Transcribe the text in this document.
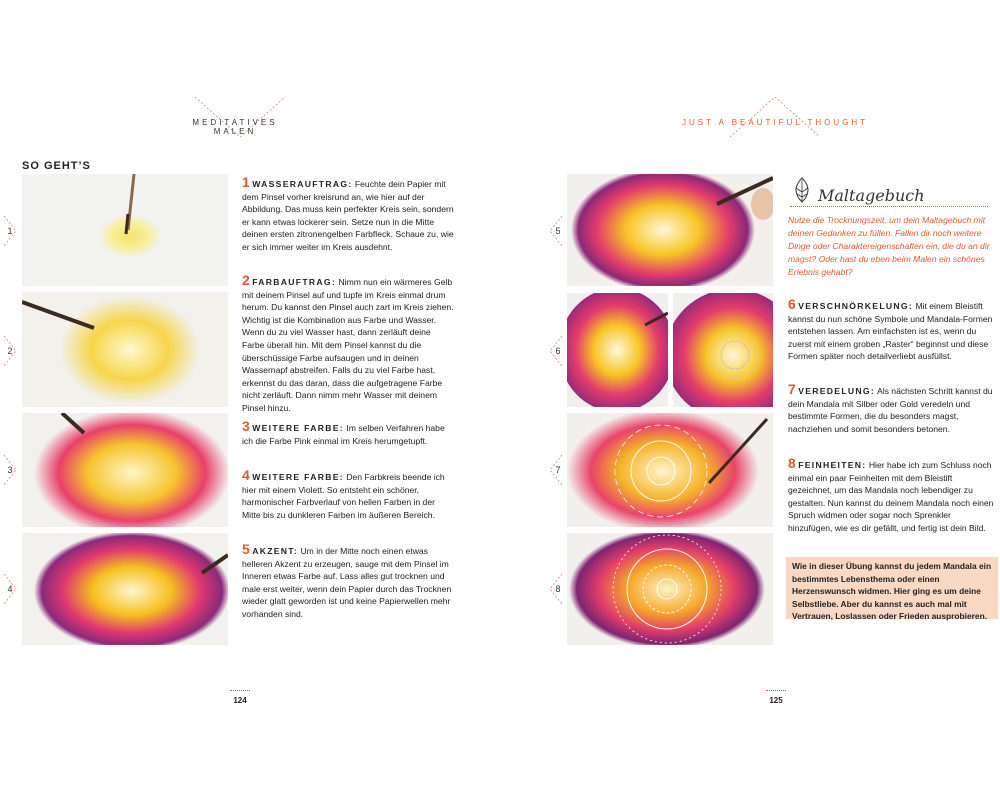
MEDITATIVES MALEN
JUST A BEAUTIFUL THOUGHT
SO GEHT’S
1
2
3
4
1 WASSERAUFTRAG: Feuchte dein Papier mit dem Pinsel vorher kreisrund an, wie hier auf der Abbildung. Das muss kein perfekter Kreis sein, sondern er kann etwas lockerer sein. Setze nun in die Mitte deinen ersten zitronengelben Farbfleck. Schaue zu, wie er sich immer weiter im Kreis ausdehnt.
2 FARBAUFTRAG: Nimm nun ein wärmeres Gelb mit deinem Pinsel auf und tupfe im Kreis einmal drum herum. Du kannst den Pinsel auch zart im Kreis ziehen. Wichtig ist die Kombination aus Farbe und Wasser. Wenn du zu viel Wasser hast, dann zerläuft deine Farbe überall hin. Mit dem Pinsel kannst du die überschüssige Farbe aufsaugen und in deinen Wassernapf abstreifen. Falls du zu viel Farbe hast, erkennst du das daran, dass die aufgetragene Farbe nicht zerläuft. Dann nimm mehr Wasser mit deinem Pinsel hinzu.
3 WEITERE FARBE: Im selben Verfahren habe ich die Farbe Pink einmal im Kreis herumgetupft.
4 WEITERE FARBE: Den Farbkreis beende ich hier mit einem Violett. So entsteht ein schöner, harmonischer Farbverlauf von hellen Farben in der Mitte bis zu dunkleren Farben im äußeren Bereich.
5 AKZENT: Um in der Mitte noch einen etwas helleren Akzent zu erzeugen, sauge mit dem Pinsel im Inneren etwas Farbe auf. Lass alles gut trocknen und male erst weiter, wenn dein Papier durch das Trocknen wieder glatt geworden ist und keine Papierwellen mehr vorhanden sind.
124
5
6
7
8
Maltagebuch
Nutze die Trocknungszeit, um dein Maltagebuch mit deinen Gedanken zu füllen. Fallen dir noch weitere Dinge oder Charaktereigenschaften ein, die du an dir magst? Oder hast du eben beim Malen ein schönes Erlebnis gehabt?
6 VERSCHNÖRKELUNG: Mit einem Bleistift kannst du nun schöne Symbole und Mandala-Formen entstehen lassen. Am einfachsten ist es, wenn du zuerst mit einem groben „Raster“ beginnst und diese Formen später noch detailverliebt ausfüllst.
7 VEREDELUNG: Als nächsten Schritt kannst du dein Mandala mit Silber oder Gold veredeln und bestimmte Formen, die du besonders magst, nachziehen und somit besonders betonen.
8 FEINHEITEN: Hier habe ich zum Schluss noch einmal ein paar Feinheiten mit dem Bleistift gezeichnet, um das Mandala noch lebendiger zu gestalten. Nun kannst du deinem Mandala noch einen Spruch widmen oder sogar noch Sprenkler hinzufügen, wie es dir gefällt, und fertig ist dein Bild.
Wie in dieser Übung kannst du jedem Mandala ein bestimmtes Lebensthema oder einen Herzenswunsch widmen. Hier ging es um deine Selbstliebe. Aber du kannst es auch mal mit Vertrauen, Loslassen oder Frieden ausprobieren.
125
